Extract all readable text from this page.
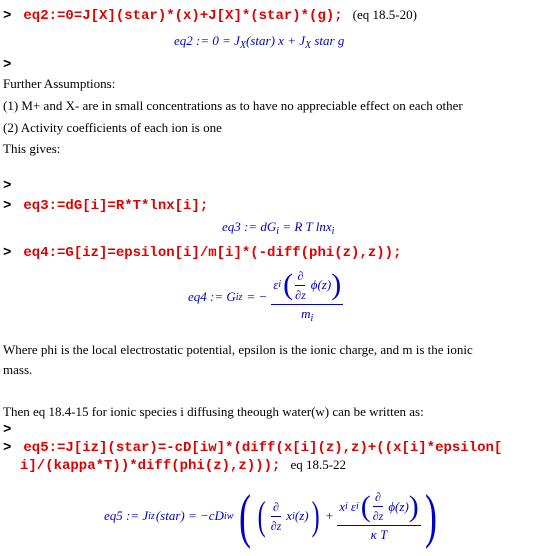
> eq2:=0=J[X](star)*(x)+J[X]*(star)*(g); (eq 18.5-20)
eq2 := $0 = J_X(star) x + J_X$ star g
>
Further Assumptions:
(1) M+ and X- are in small concentrations as to have no appreciable effect on each other
(2) Activity coefficients of each ion is one
This gives:
>
> eq3:=dG[i]=R*T*lnx[i];
eq3 := $dG_i = R$ T lnx$_i$
> eq4:=G[iz]=epsilon[i]/m[i]*(-diff(phi(z),z));
eq4 := G iz = −
ε i ( $\frac{\partial}{\partial z} \phi(z)$ )
$m_i$
Where phi is the local electrostatic potential, epsilon is the ionic charge, and m is the ionic
mass.
Then eq 18.4-15 for ionic species i diffusing theough water(w) can be written as:
>
> eq5:=J[iz](star)=-cD[iw]*(diff(x[i](z),z)+((x[i]*epsilon[
i]/(kappa*T))*diff(phi(z),z))); eq 18.5-22
eq5 := J iz (star) = −cD iw ( ( $\frac{\partial}{\partial z}$ x i (z) ) +
x i ε i ( $\frac{\partial}{\partial z} \phi(z)$ )
κ T )
